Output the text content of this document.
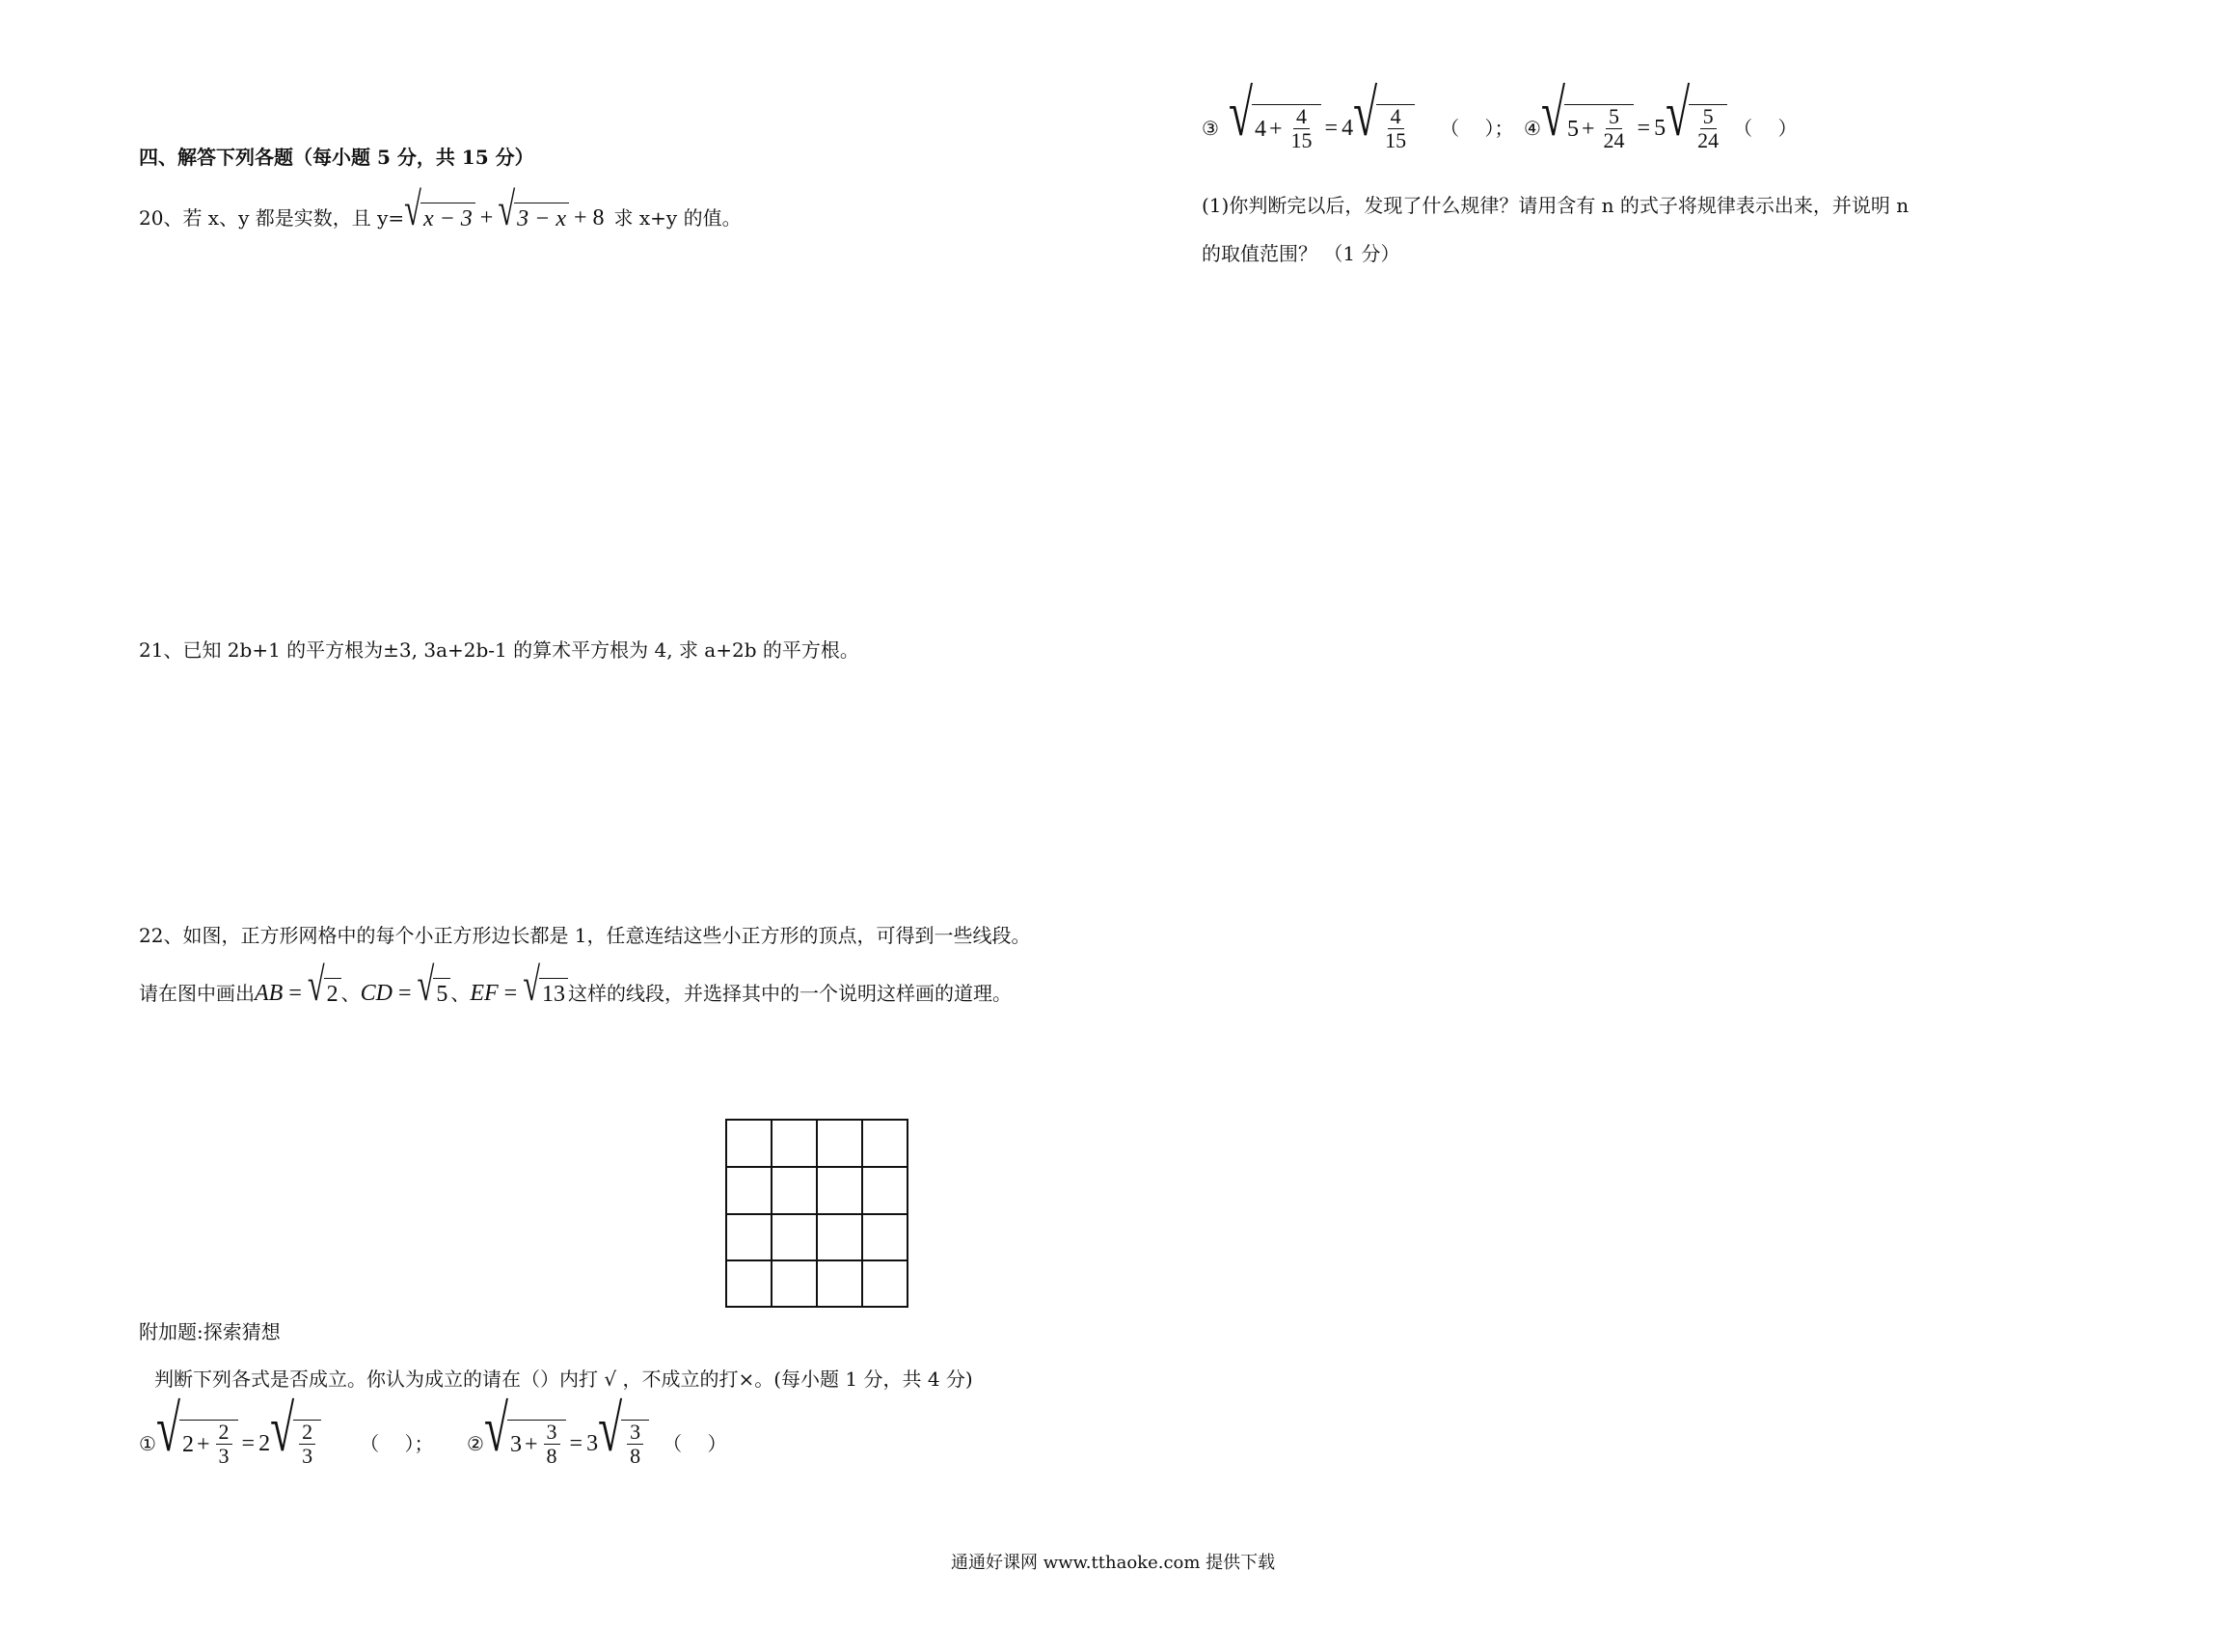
四、解答下列各题（每小题 5 分，共 15 分）
20、若 x、y 都是实数，且 y= √ x − 3 + √ 3 − x + 8 求 x+y 的值。
21、已知 2b+1 的平方根为±3, 3a+2b-1 的算术平方根为 4, 求 a+2b 的平方根。
22、如图，正方形网格中的每个小正方形边长都是 1，任意连结这些小正方形的顶点，可得到一些线段。
请在图中画出 AB = √ 2 、 CD = √ 5 、 EF = √ 13 这样的线段，并选择其中的一个说明这样画的道理。
附加题:探索猜想
判断下列各式是否成立。你认为成立的请在（）内打 √ ，不成立的打×。(每小题 1 分，共 4 分)
① √ $2 + \frac{2}{3} = 2$ √ $\frac{2}{3}$ （　 ）； ② √ $3 + \frac{3}{8} = 3$ √ $\frac{3}{8}$ （　 ）
③ √ $4 + \frac{4}{15} = 4$ √ $\frac{4}{15}$ （　 ）； ④ √ $5 + \frac{5}{24} = 5$ √ $\frac{5}{24}$ （　 ）
(1)你判断完以后，发现了什么规律？请用含有 n 的式子将规律表示出来，并说明 n
的取值范围？ （1 分）
通通好课网 www.tthaoke.com 提供下载
